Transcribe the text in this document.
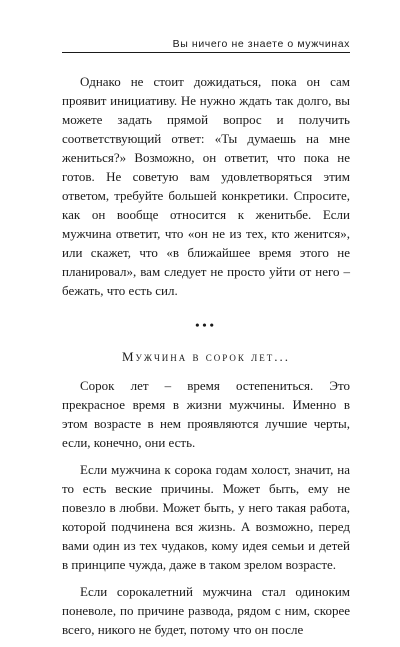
Вы ничего не знаете о мужчинах

Однако не стоит дожидаться, пока он сам проявит инициативу. Не нужно ждать так долго, вы можете задать прямой вопрос и получить соответствующий ответ: «Ты думаешь на мне жениться?» Возможно, он ответит, что пока не готов. Не советую вам удовлетворяться этим ответом, требуйте большей конкретики. Спросите, как он вообще относится к женитьбе. Если мужчина ответит, что «он не из тех, кто женится», или скажет, что «в ближайшее время этого не планировал», вам следует не просто уйти от него – бежать, что есть сил.

•••
Мужчина в сорок лет...

Сорок лет – время остепениться. Это прекрасное время в жизни мужчины. Именно в этом возрасте в нем проявляются лучшие черты, если, конечно, они есть.

Если мужчина к сорока годам холост, значит, на то есть веские причины. Может быть, ему не повезло в любви. Может быть, у него такая работа, которой подчинена вся жизнь. А возможно, перед вами один из тех чудаков, кому идея семьи и детей в принципе чужда, даже в таком зрелом возрасте.

Если сорокалетний мужчина стал одиноким поневоле, по причине развода, рядом с ним, скорее всего, никого не будет, потому что он после
